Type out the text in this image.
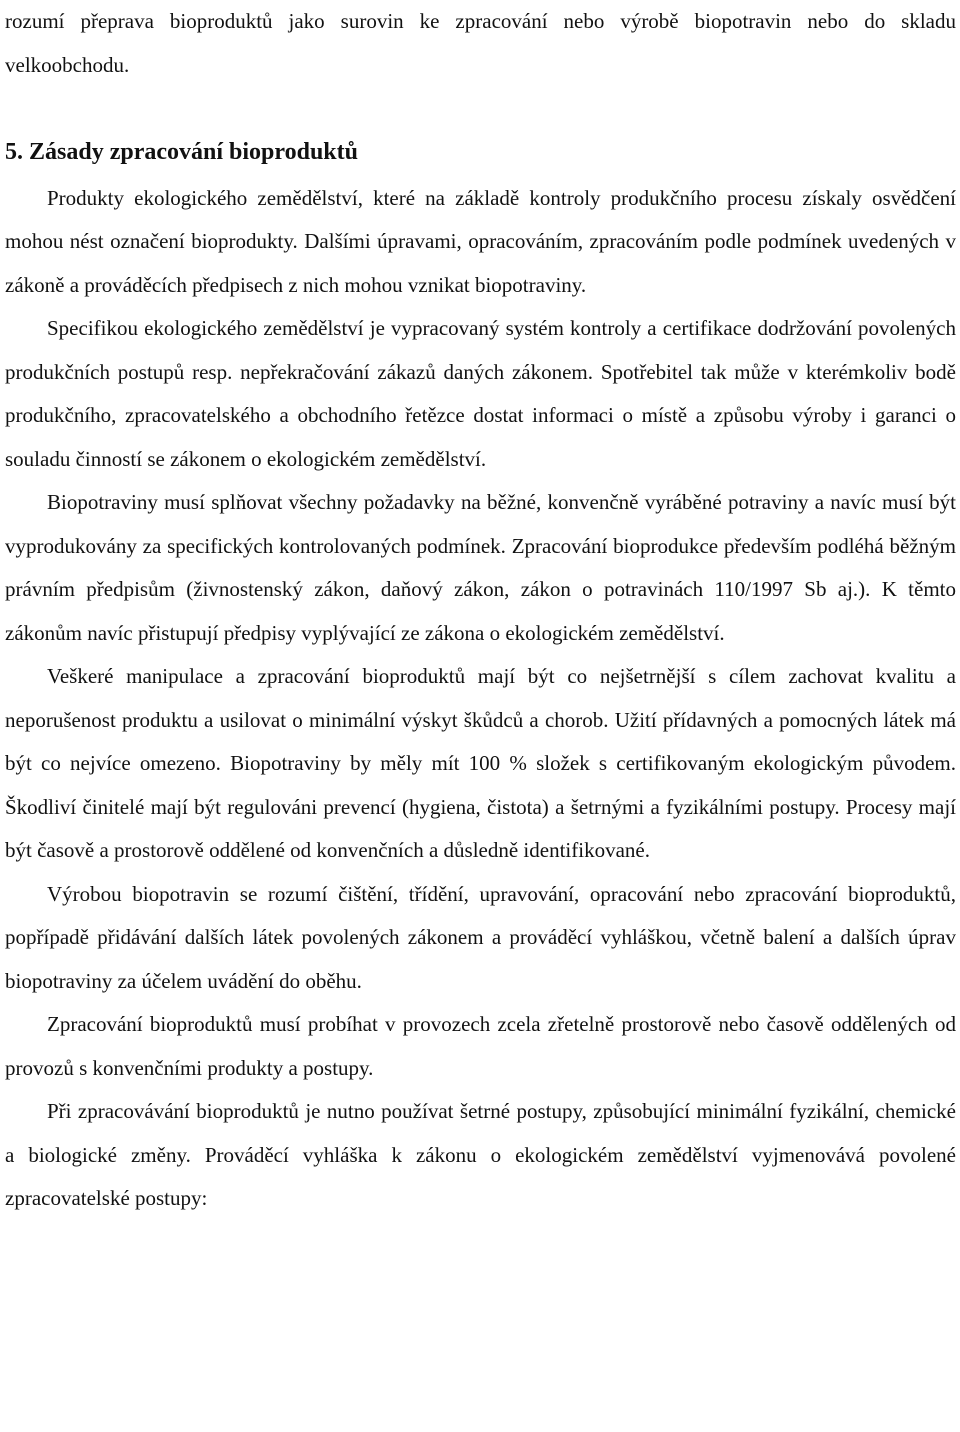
rozumí přeprava bioproduktů jako surovin ke zpracování nebo výrobě biopotravin nebo do skladu velkoobchodu.

5. Zásady zpracování bioproduktů

Produkty ekologického zemědělství, které na základě kontroly produkčního procesu získaly osvědčení mohou nést označení bioprodukty. Dalšími úpravami, opracováním, zpracováním podle podmínek uvedených v zákoně a prováděcích předpisech z nich mohou vznikat biopotraviny.

Specifikou ekologického zemědělství je vypracovaný systém kontroly a certifikace dodržování povolených produkčních postupů resp. nepřekračování zákazů daných zákonem. Spotřebitel tak může v kterémkoliv bodě produkčního, zpracovatelského a obchodního řetězce dostat informaci o místě a způsobu výroby i garanci o souladu činností se zákonem o ekologickém zemědělství.

Biopotraviny musí splňovat všechny požadavky na běžné, konvenčně vyráběné potraviny a navíc musí být vyprodukovány za specifických kontrolovaných podmínek. Zpracování bioprodukce především podléhá běžným právním předpisům (živnostenský zákon, daňový zákon, zákon o potravinách 110/1997 Sb aj.). K těmto zákonům navíc přistupují předpisy vyplývající ze zákona o ekologickém zemědělství.

Veškeré manipulace a zpracování bioproduktů mají být co nejšetrnější s cílem zachovat kvalitu a neporušenost produktu a usilovat o minimální výskyt škůdců a chorob. Užití přídavných a pomocných látek má být co nejvíce omezeno. Biopotraviny by měly mít 100 % složek s certifikovaným ekologickým původem. Škodliví činitelé mají být regulováni prevencí (hygiena, čistota) a šetrnými a fyzikálními postupy. Procesy mají být časově a prostorově oddělené od konvenčních a důsledně identifikované.

Výrobou biopotravin se rozumí čištění, třídění, upravování, opracování nebo zpracování bioproduktů, popřípadě přidávání dalších látek povolených zákonem a prováděcí vyhláškou, včetně balení a dalších úprav biopotraviny za účelem uvádění do oběhu.

Zpracování bioproduktů musí probíhat v provozech zcela zřetelně prostorově nebo časově oddělených od provozů s konvenčními produkty a postupy.

Při zpracovávání bioproduktů je nutno používat šetrné postupy, způsobující minimální fyzikální, chemické a biologické změny. Prováděcí vyhláška k zákonu o ekologickém zemědělství vyjmenovává povolené zpracovatelské postupy:
